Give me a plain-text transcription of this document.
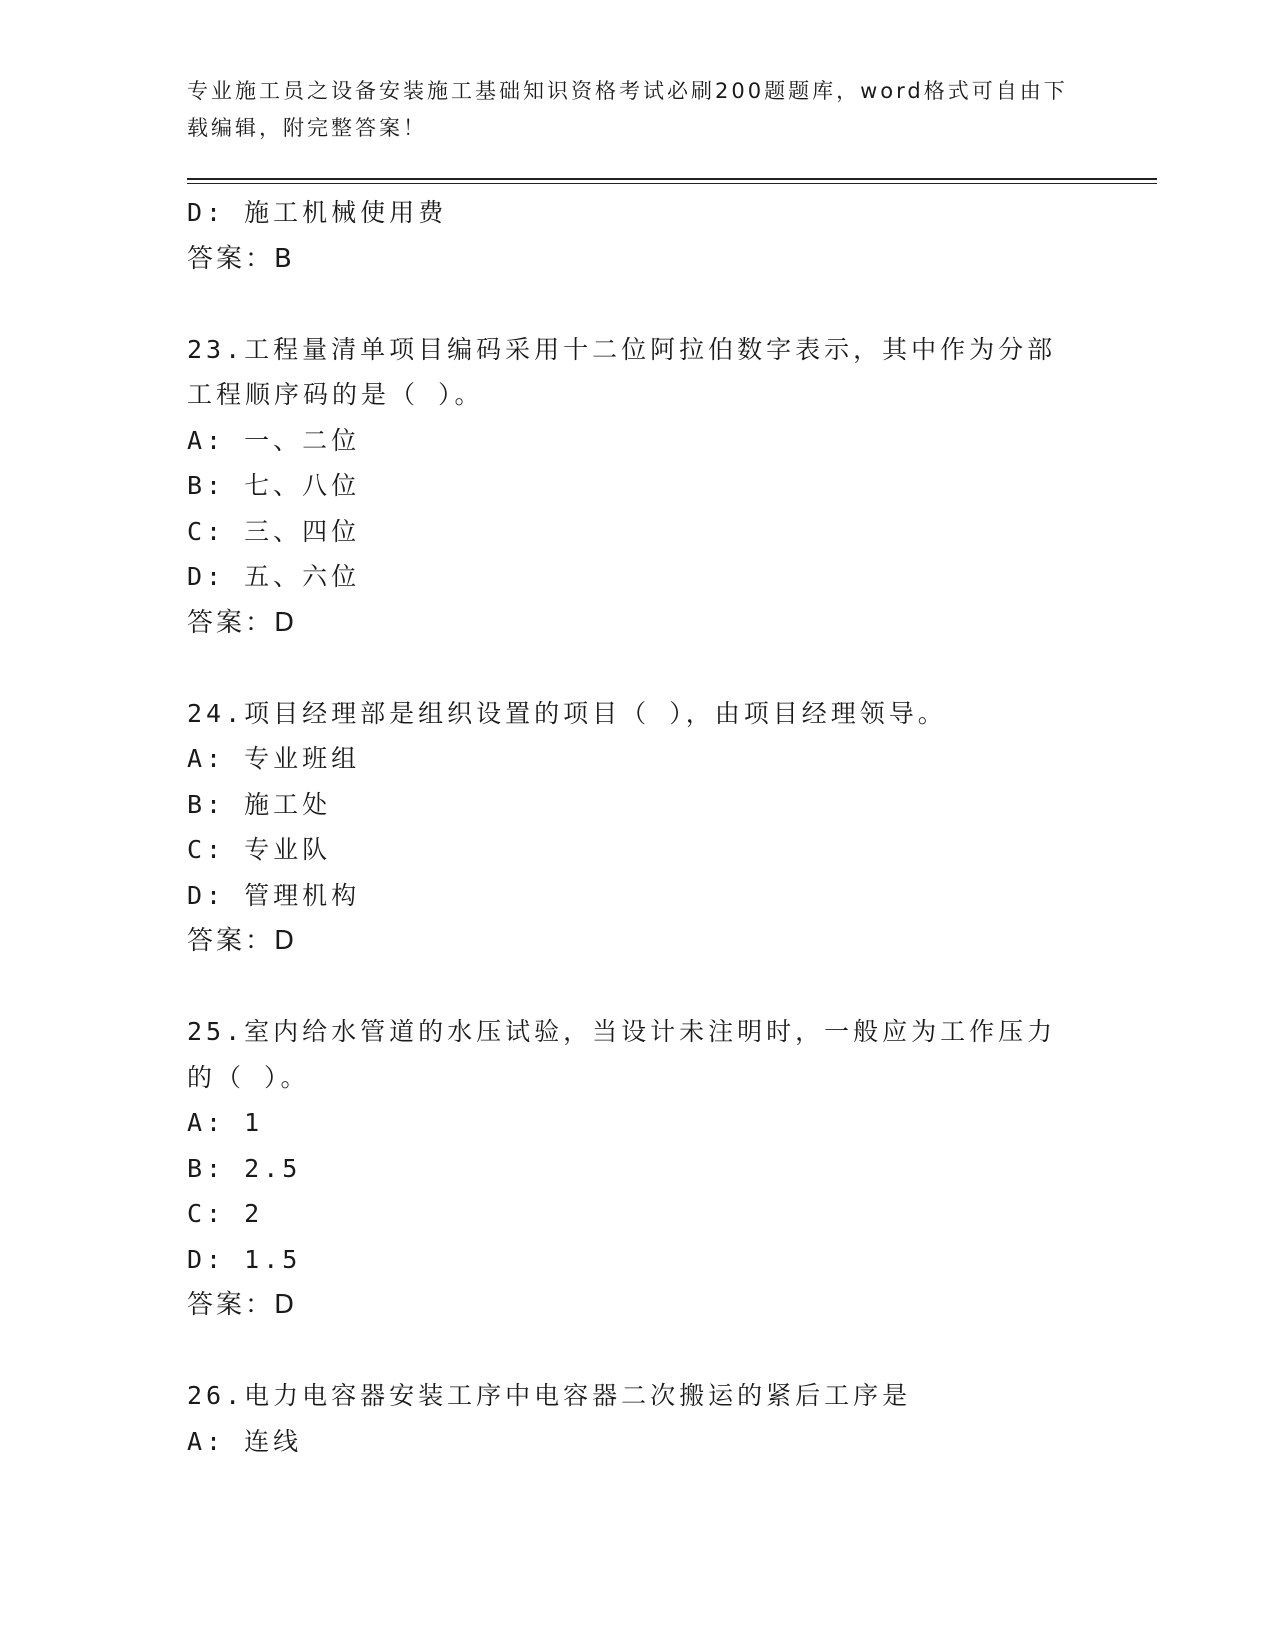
专业施工员之设备安装施工基础知识资格考试必刷200题题库，word格式可自由下载编辑，附完整答案！
D: 施工机械使用费
答案：B
23.工程量清单项目编码采用十二位阿拉伯数字表示，其中作为分部工程顺序码的是（ ）。
A: 一、二位
B: 七、八位
C: 三、四位
D: 五、六位
答案：D
24.项目经理部是组织设置的项目（ ），由项目经理领导。
A: 专业班组
B: 施工处
C: 专业队
D: 管理机构
答案：D
25.室内给水管道的水压试验，当设计未注明时，一般应为工作压力的（ ）。
A: 1
B: 2.5
C: 2
D: 1.5
答案：D
26.电力电容器安装工序中电容器二次搬运的紧后工序是
A: 连线
